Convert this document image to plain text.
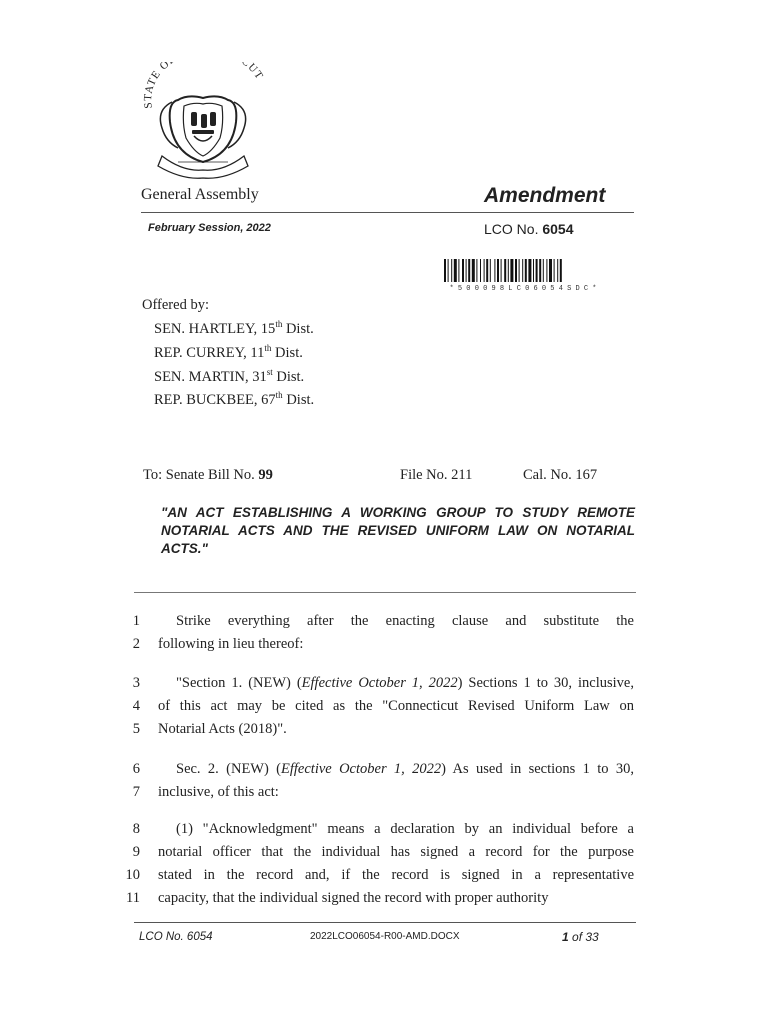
STATE O CUT
General Assembly	Amendment
February Session, 2022	LCO No. 6054
* 5 0 0 0 9 8 L C 0 6 0 5 4 S D C *
Offered by:
SEN. HARTLEY, 15th Dist.
REP. CURREY, 11th Dist.
SEN. MARTIN, 31st Dist.
REP. BUCKBEE, 67th Dist.
To: Senate Bill No. 99	File No. 211	Cal. No. 167
"AN ACT ESTABLISHING A WORKING GROUP TO STUDY REMOTE NOTARIAL ACTS AND THE REVISED UNIFORM LAW ON NOTARIAL ACTS."
1 Strike everything after the enacting clause and substitute the
2 following in lieu thereof:
3 "Section 1. (NEW) (Effective October 1, 2022) Sections 1 to 30, inclusive,
4 of this act may be cited as the "Connecticut Revised Uniform Law on
5 Notarial Acts (2018)".
6 Sec. 2. (NEW) (Effective October 1, 2022) As used in sections 1 to 30,
7 inclusive, of this act:
8 (1) "Acknowledgment" means a declaration by an individual before a
9 notarial officer that the individual has signed a record for the purpose
10 stated in the record and, if the record is signed in a representative
11 capacity, that the individual signed the record with proper authority
LCO No. 6054	2022LCO06054-R00-AMD.DOCX	1 of 33
